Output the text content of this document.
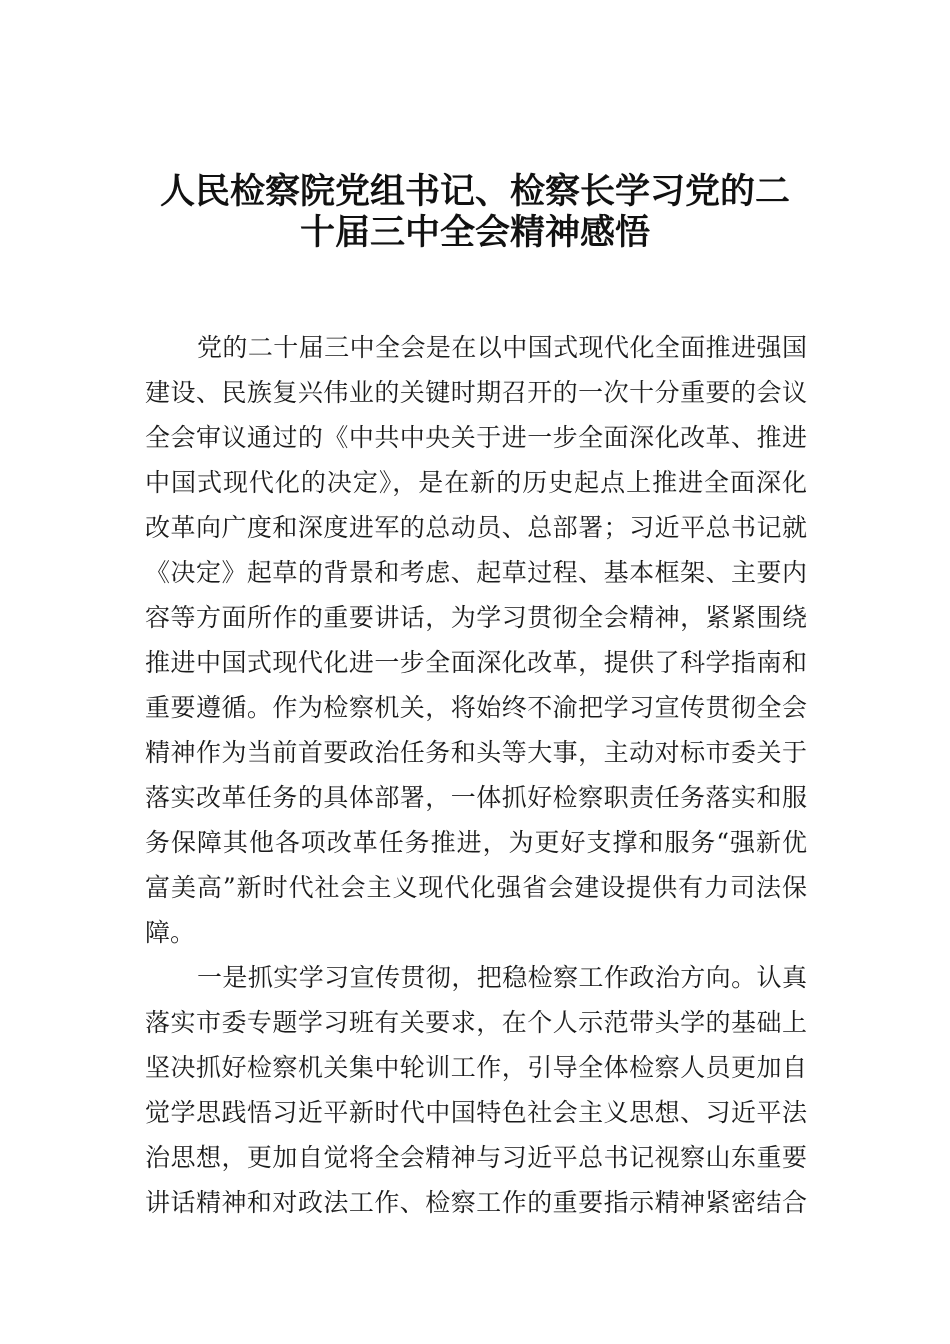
人民检察院党组书记、检察长学习党的二
十届三中全会精神感悟

党的二十届三中全会是在以中国式现代化全面推进强国

建设、民族复兴伟业的关键时期召开的一次十分重要的会议

全会审议通过的《中共中央关于进一步全面深化改革、推进

中国式现代化的决定》，是在新的历史起点上推进全面深化

改革向广度和深度进军的总动员、总部署；习近平总书记就

《决定》起草的背景和考虑、起草过程、基本框架、主要内

容等方面所作的重要讲话，为学习贯彻全会精神，紧紧围绕

推进中国式现代化进一步全面深化改革，提供了科学指南和

重要遵循。作为检察机关，将始终不渝把学习宣传贯彻全会

精神作为当前首要政治任务和头等大事，主动对标市委关于

落实改革任务的具体部署，一体抓好检察职责任务落实和服

务保障其他各项改革任务推进，为更好支撑和服务“强新优

富美高”新时代社会主义现代化强省会建设提供有力司法保

障。

一是抓实学习宣传贯彻，把稳检察工作政治方向。认真

落实市委专题学习班有关要求，在个人示范带头学的基础上

坚决抓好检察机关集中轮训工作，引导全体检察人员更加自

觉学思践悟习近平新时代中国特色社会主义思想、习近平法

治思想，更加自觉将全会精神与习近平总书记视察山东重要

讲话精神和对政法工作、检察工作的重要指示精神紧密结合
